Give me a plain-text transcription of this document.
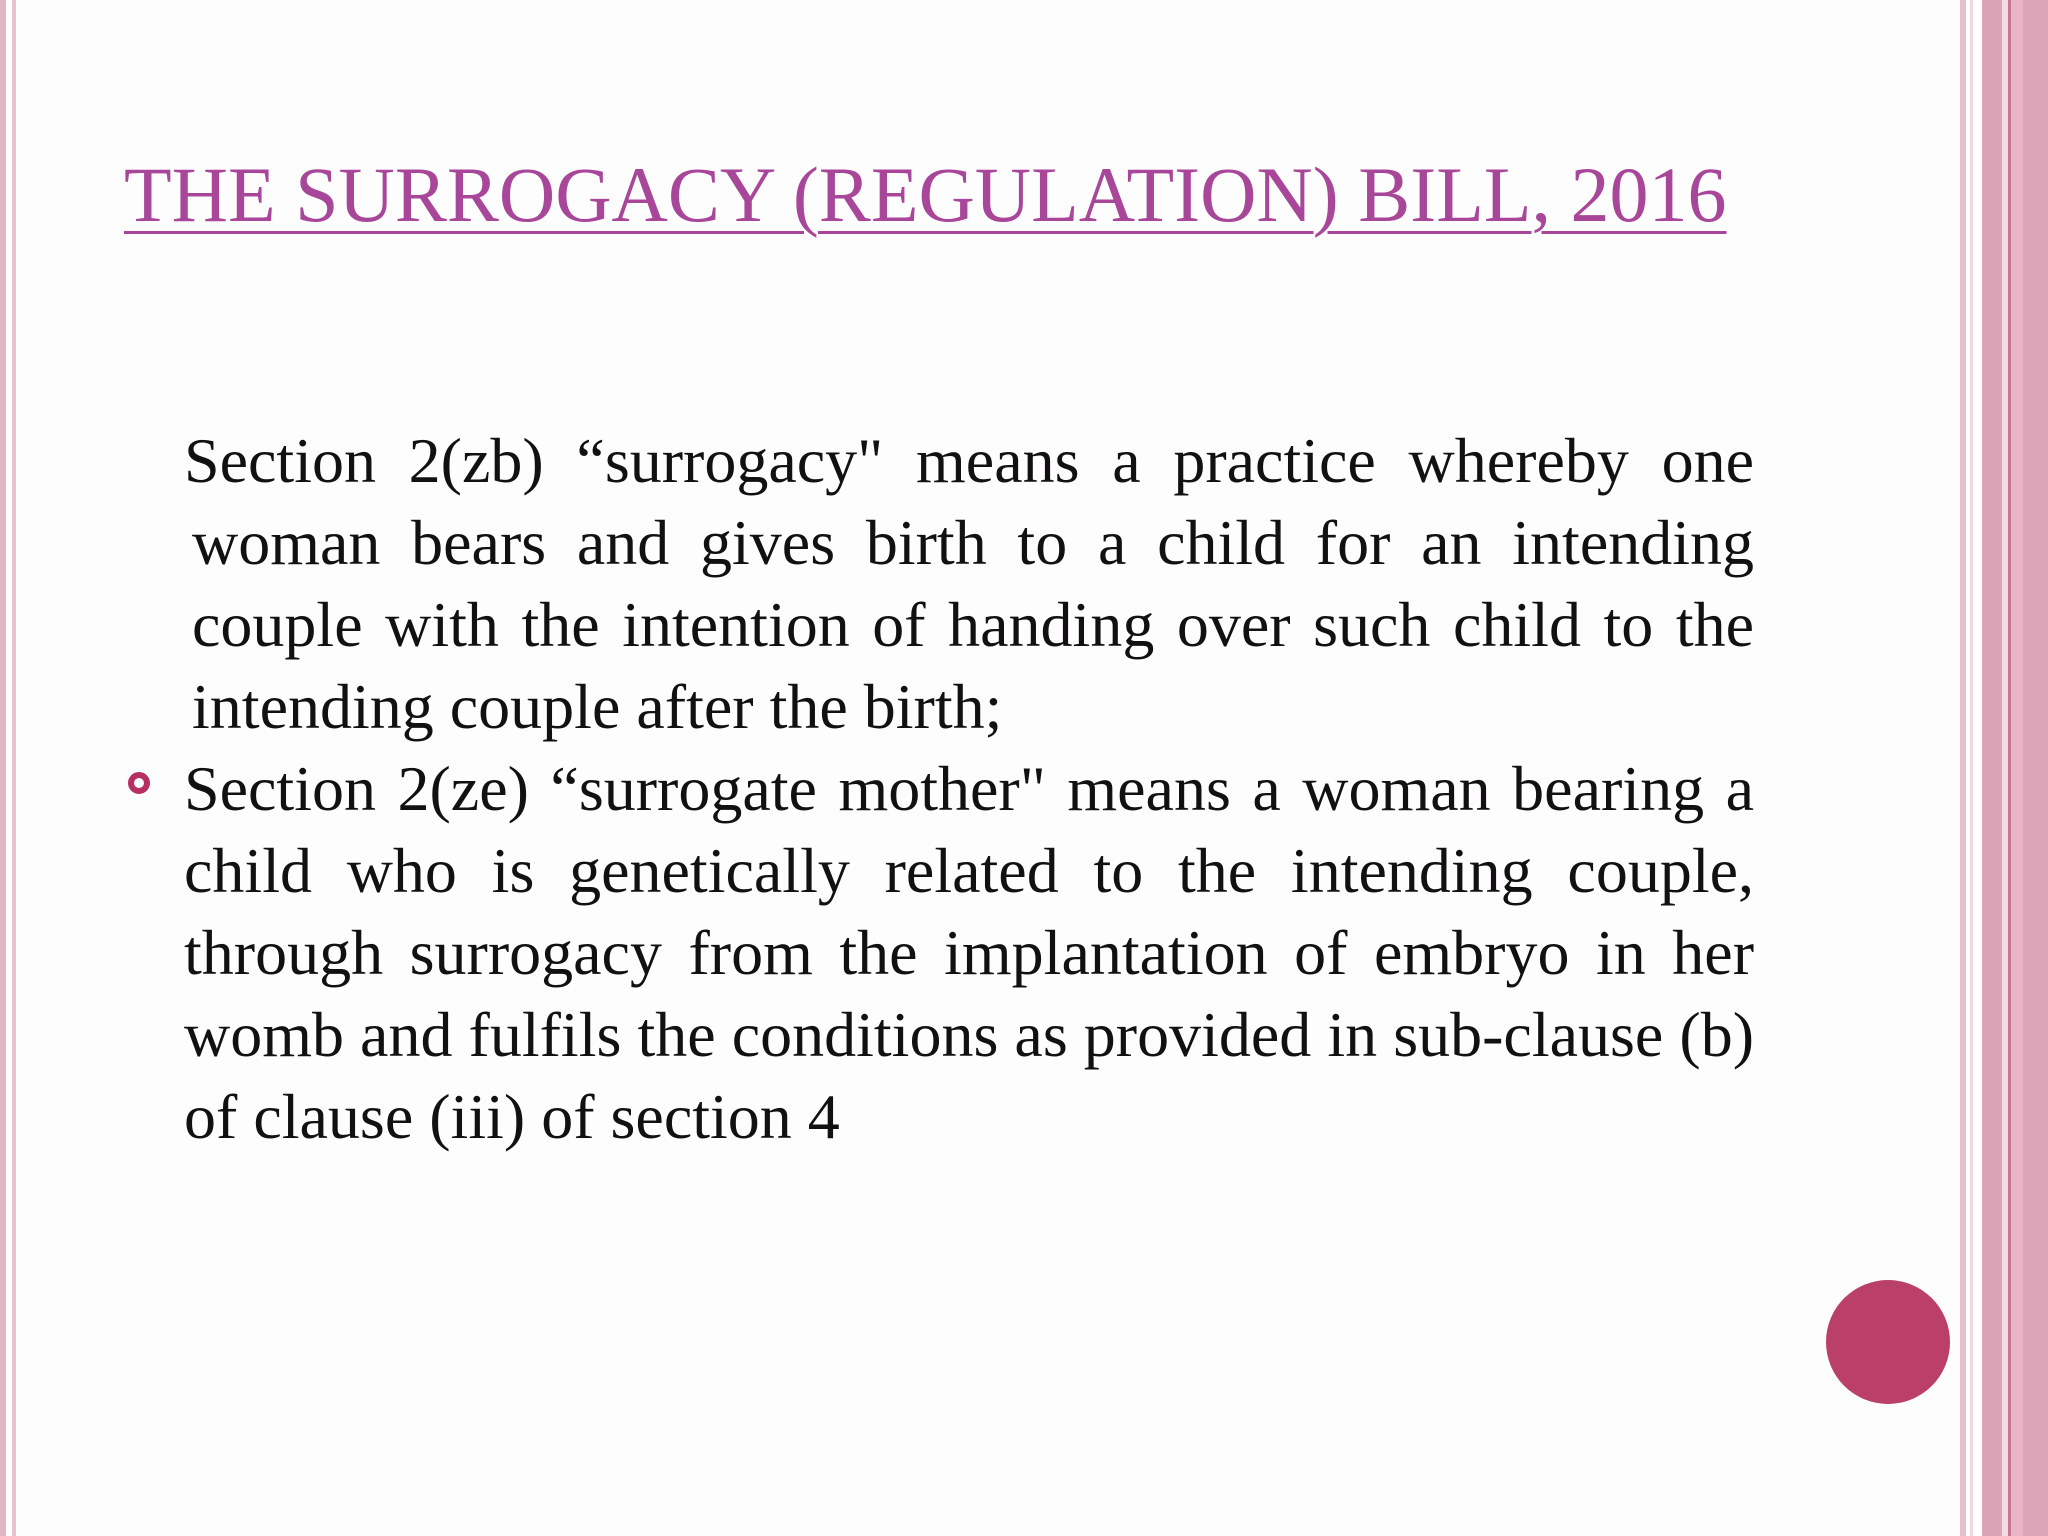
THE SURROGACY (REGULATION) BILL, 2016

Section 2(zb) “surrogacy" means a practice whereby one woman bears and gives birth to a child for an intending couple with the intention of handing over such child to the intending couple after the birth;

Section 2(ze) “surrogate mother" means a woman bearing a child who is genetically related to the intending couple, through surrogacy from the implantation of embryo in her womb and fulfils the conditions as provided in sub-clause (b) of clause (iii) of section 4
